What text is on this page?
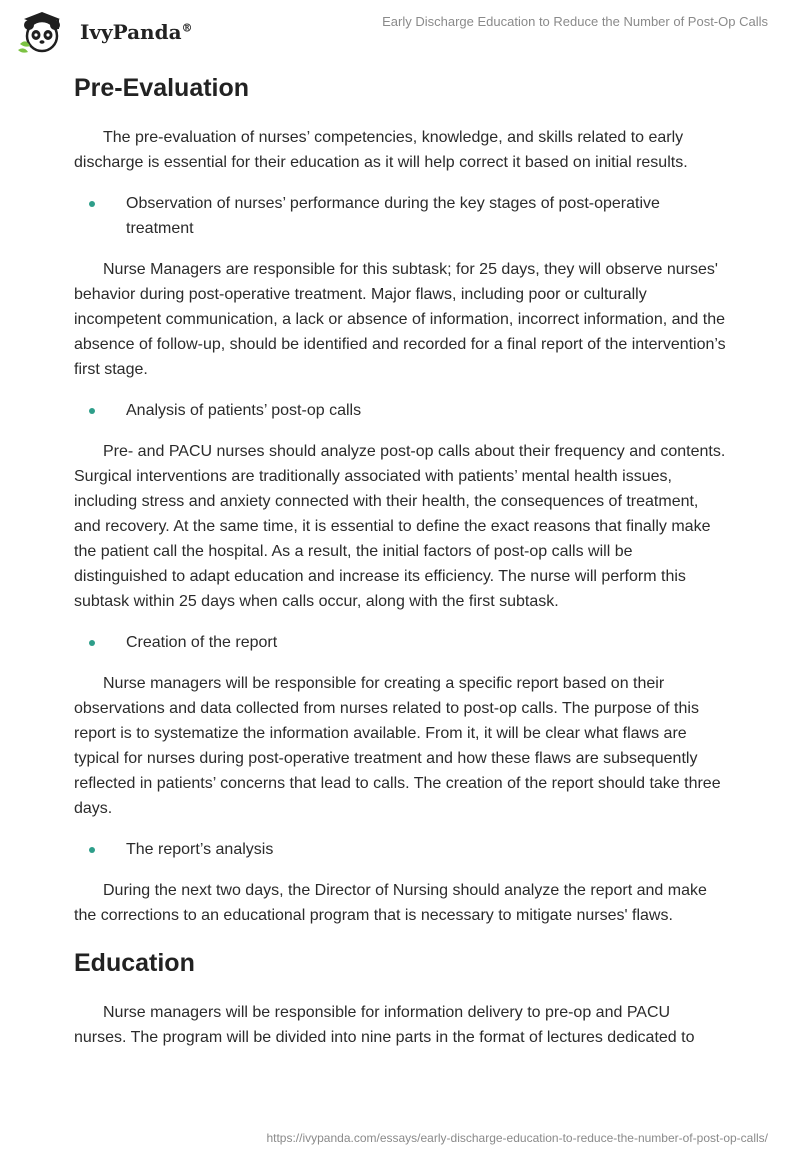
IvyPanda®	Early Discharge Education to Reduce the Number of Post-Op Calls
Pre-Evaluation

The pre-evaluation of nurses’ competencies, knowledge, and skills related to early discharge is essential for their education as it will help correct it based on initial results.

Observation of nurses’ performance during the key stages of post-operative treatment

Nurse Managers are responsible for this subtask; for 25 days, they will observe nurses' behavior during post-operative treatment. Major flaws, including poor or culturally incompetent communication, a lack or absence of information, incorrect information, and the absence of follow-up, should be identified and recorded for a final report of the intervention’s first stage.

Analysis of patients’ post-op calls

Pre- and PACU nurses should analyze post-op calls about their frequency and contents. Surgical interventions are traditionally associated with patients’ mental health issues, including stress and anxiety connected with their health, the consequences of treatment, and recovery. At the same time, it is essential to define the exact reasons that finally make the patient call the hospital. As a result, the initial factors of post-op calls will be distinguished to adapt education and increase its efficiency. The nurse will perform this subtask within 25 days when calls occur, along with the first subtask.

Creation of the report

Nurse managers will be responsible for creating a specific report based on their observations and data collected from nurses related to post-op calls. The purpose of this report is to systematize the information available. From it, it will be clear what flaws are typical for nurses during post-operative treatment and how these flaws are subsequently reflected in patients’ concerns that lead to calls. The creation of the report should take three days.

The report’s analysis

During the next two days, the Director of Nursing should analyze the report and make the corrections to an educational program that is necessary to mitigate nurses' flaws.

Education

Nurse managers will be responsible for information delivery to pre-op and PACU nurses. The program will be divided into nine parts in the format of lectures dedicated to

https://ivypanda.com/essays/early-discharge-education-to-reduce-the-number-of-post-op-calls/
